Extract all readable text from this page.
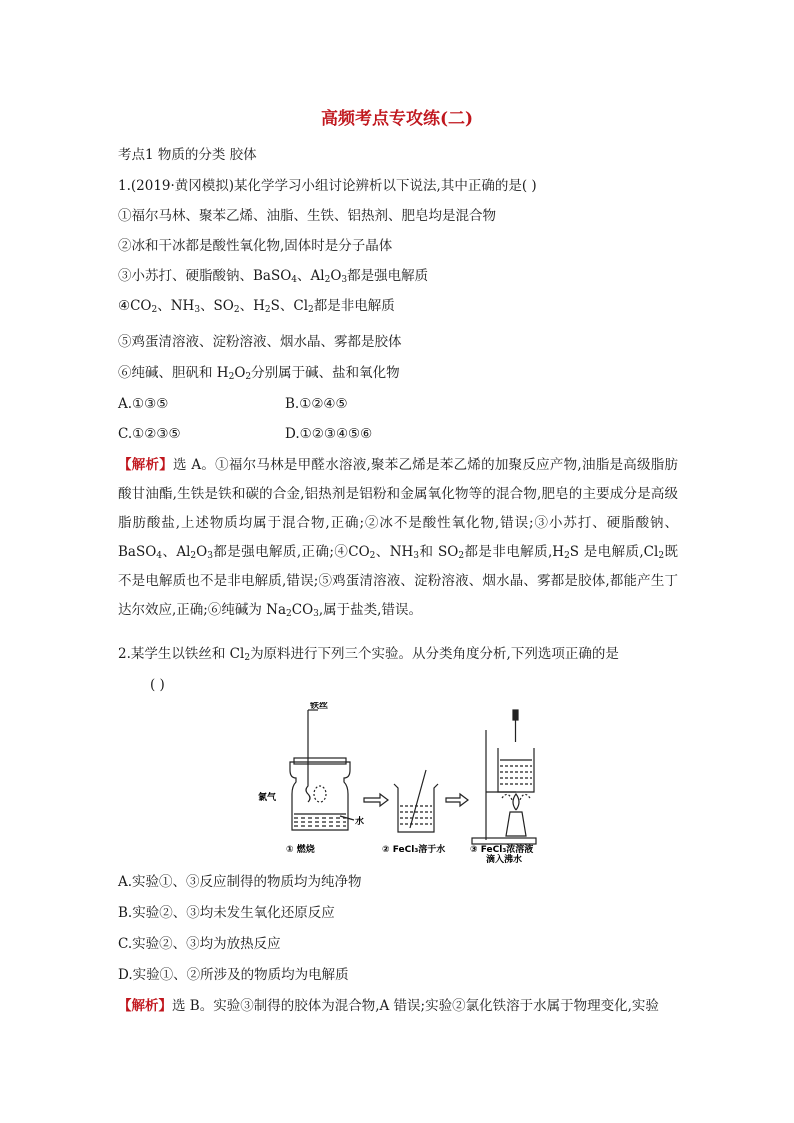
高频考点专攻练(二)
考点1 物质的分类 胶体
1.(2019·黄冈模拟)某化学学习小组讨论辨析以下说法,其中正确的是( )
①福尔马林、聚苯乙烯、油脂、生铁、铝热剂、肥皂均是混合物
②冰和干冰都是酸性氧化物,固体时是分子晶体
③小苏打、硬脂酸钠、BaSO$_4$、$Al_2O_3$都是强电解质
$④CO_2$、$NH_3$、$SO_2$、$H_2S$、$Cl_2$都是非电解质
⑤鸡蛋清溶液、淀粉溶液、烟水晶、雾都是胶体
⑥纯碱、胆矾和 $H_2O_2$分别属于碱、盐和氧化物
A.①③⑤	B.①②④⑤
C.①②③⑤	D.①②③④⑤⑥
【解析】选 A。①福尔马林是甲醛水溶液,聚苯乙烯是苯乙烯的加聚反应产物,油脂是高级脂肪酸甘油酯,生铁是铁和碳的合金,铝热剂是铝粉和金属氧化物等的混合物,肥皂的主要成分是高级脂肪酸盐,上述物质均属于混合物,正确;②冰不是酸性氧化物,错误;③小苏打、硬脂酸钠、BaSO$_4$、$Al_2O_3$都是强电解质,正确$;④CO_2$、$NH_3$和 $SO_2$都是非电解质$,H_2S$ 是电解质$,Cl_2$既不是电解质也不是非电解质,错误;⑤鸡蛋清溶液、淀粉溶液、烟水晶、雾都是胶体,都能产生丁达尔效应,正确;⑥纯碱为 $Na_2CO_3$,属于盐类,错误。
2.某学生以铁丝和 $Cl_2$为原料进行下列三个实验。从分类角度分析,下列选项正确的是
( )
铁丝
氯气
水
① 燃烧	② FeCl₃溶于水	③ FeCl₃浓溶液
滴入沸水
A.实验①、③反应制得的物质均为纯净物
B.实验②、③均未发生氧化还原反应
C.实验②、③均为放热反应
D.实验①、②所涉及的物质均为电解质
【解析】选 B。实验③制得的胶体为混合物,A 错误;实验②氯化铁溶于水属于物理变化,实验
